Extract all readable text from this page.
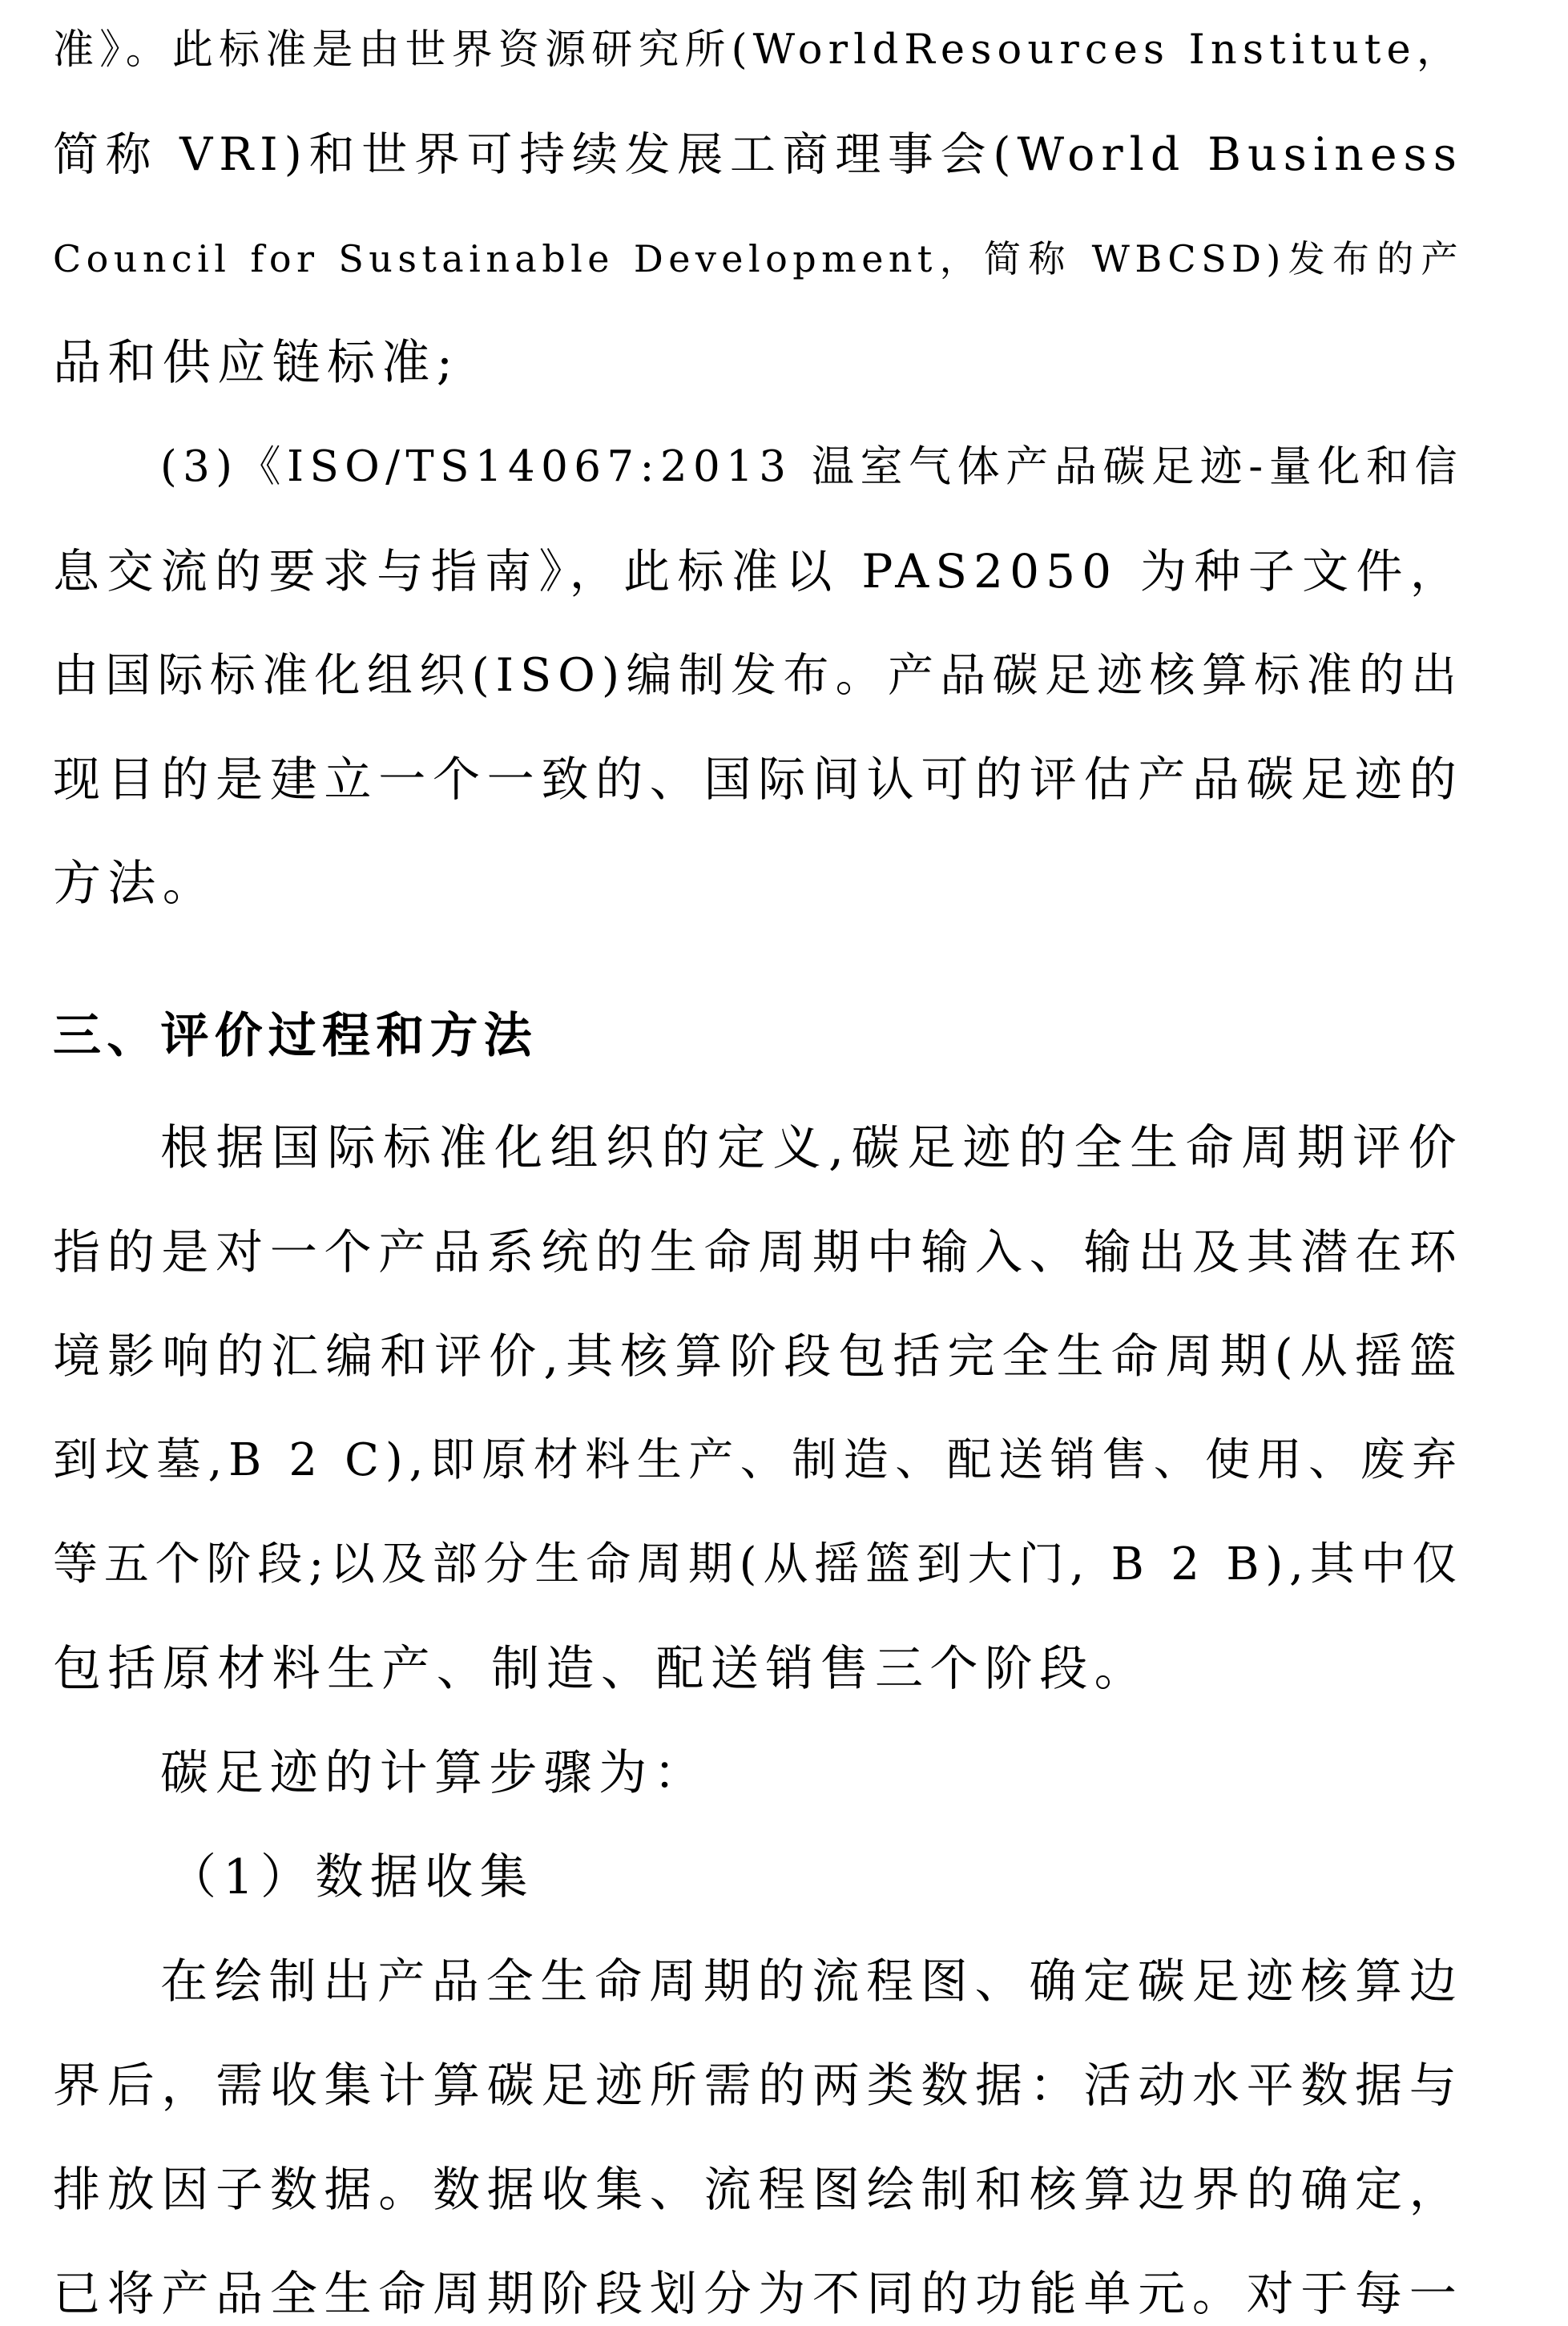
准》。此标准是由世界资源研究所(WorldResources Institute，
简称 VRI)和世界可持续发展工商理事会(World Business
Council for Sustainable Development，简称 WBCSD)发布的产
品和供应链标准;
(3)《ISO/TS14067:2013 温室气体产品碳足迹-量化和信
息交流的要求与指南》，此标准以 PAS2050 为种子文件，
由国际标准化组织(ISO)编制发布。产品碳足迹核算标准的出
现目的是建立一个一致的、国际间认可的评估产品碳足迹的
方法。
三、评价过程和方法
根据国际标准化组织的定义,碳足迹的全生命周期评价
指的是对一个产品系统的生命周期中输入、输出及其潜在环
境影响的汇编和评价,其核算阶段包括完全生命周期(从摇篮
到坟墓,B 2 C),即原材料生产、制造、配送销售、使用、废弃
等五个阶段;以及部分生命周期(从摇篮到大门, B 2 B),其中仅
包括原材料生产、制造、配送销售三个阶段。
碳足迹的计算步骤为：
（1）数据收集
在绘制出产品全生命周期的流程图、确定碳足迹核算边
界后，需收集计算碳足迹所需的两类数据：活动水平数据与
排放因子数据。数据收集、流程图绘制和核算边界的确定，
已将产品全生命周期阶段划分为不同的功能单元。对于每一
